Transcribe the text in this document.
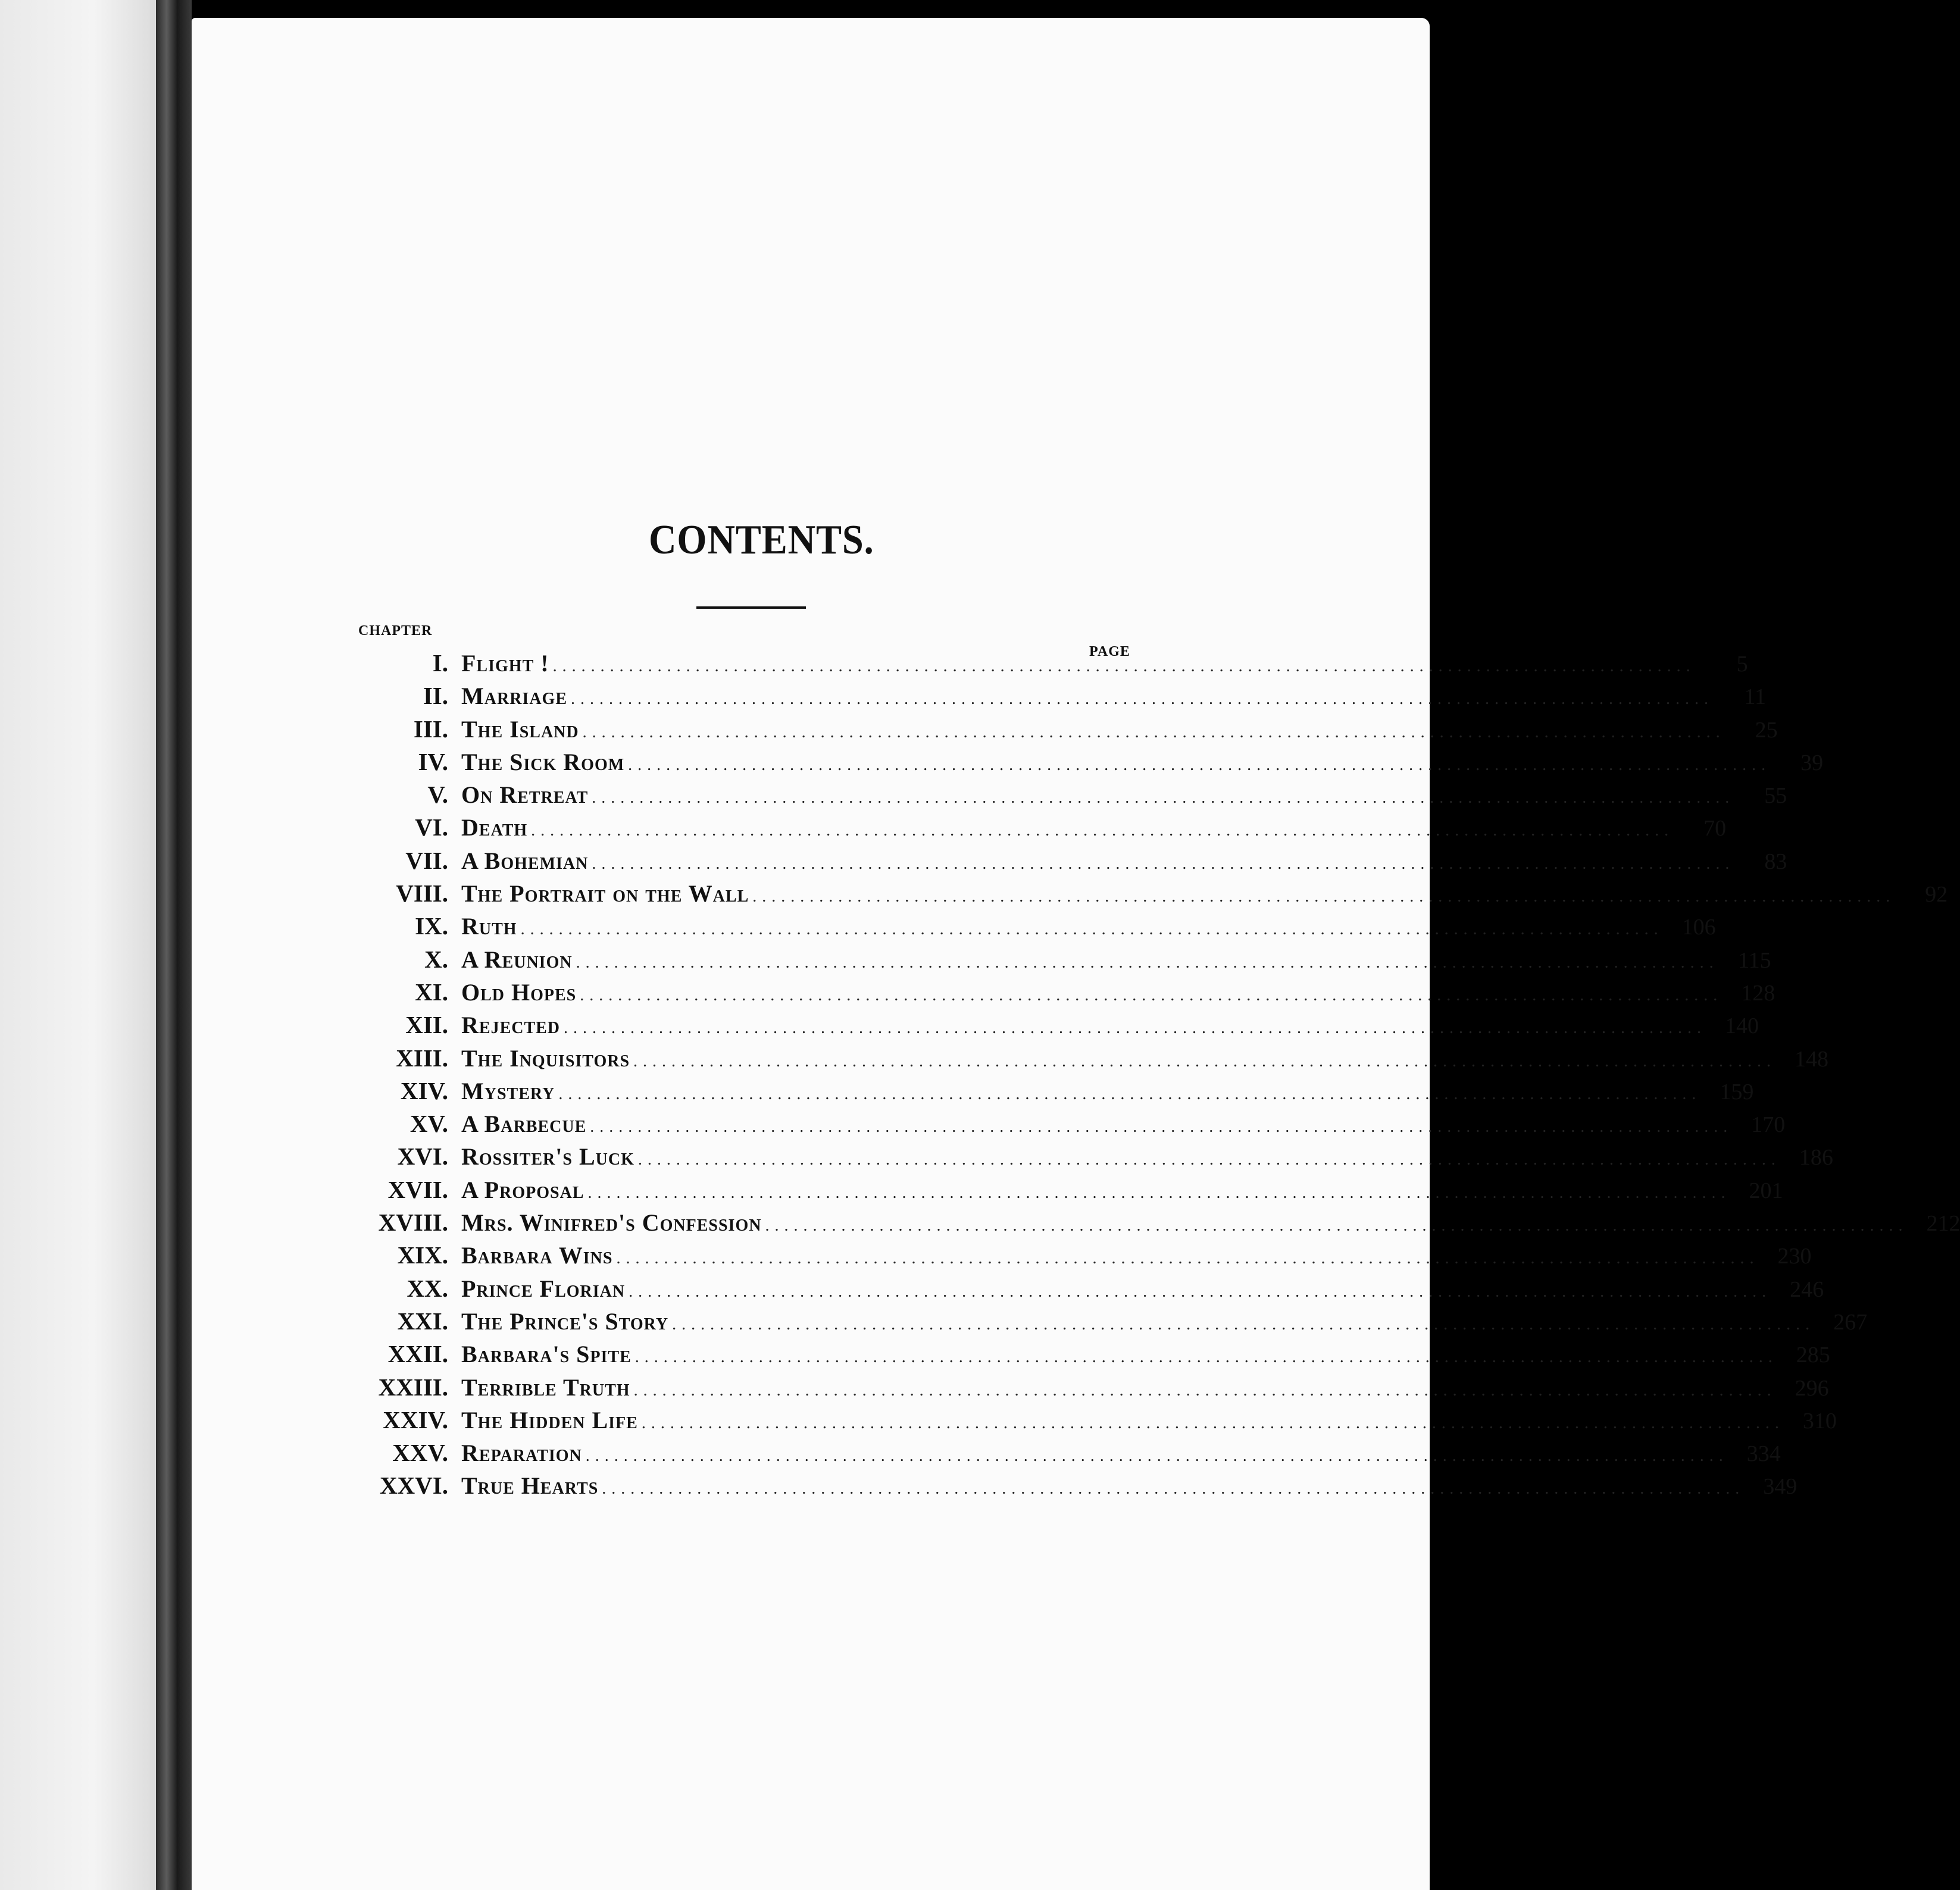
CONTENTS.
CHAPTER
PAGE
I. Flight ! ........................................................................................................................	5
II. Marriage ........................................................................................................................	11
III. The Island ........................................................................................................................	25
IV. The Sick Room ........................................................................................................................	39
V. On Retreat ........................................................................................................................	55
VI. Death ........................................................................................................................	70
VII. A Bohemian ........................................................................................................................	83
VIII. The Portrait on the Wall ........................................................................................................................	92
IX. Ruth ........................................................................................................................ 106
X. A Reunion ........................................................................................................................ 115
XI. Old Hopes ........................................................................................................................ 128
XII. Rejected ........................................................................................................................ 140
XIII. The Inquisitors ........................................................................................................................ 148
XIV. Mystery ........................................................................................................................ 159
XV. A Barbecue ........................................................................................................................ 170
XVI. Rossiter's Luck ........................................................................................................................ 186
XVII. A Proposal ........................................................................................................................ 201
XVIII. Mrs. Winifred's Confession ........................................................................................................................ 212
XIX. Barbara Wins ........................................................................................................................ 230
XX. Prince Florian ........................................................................................................................ 246
XXI. The Prince's Story ........................................................................................................................ 267
XXII. Barbara's Spite ........................................................................................................................ 285
XXIII. Terrible Truth ........................................................................................................................ 296
XXIV. The Hidden Life ........................................................................................................................ 310
XXV. Reparation ........................................................................................................................ 334
XXVI. True Hearts ........................................................................................................................ 349
